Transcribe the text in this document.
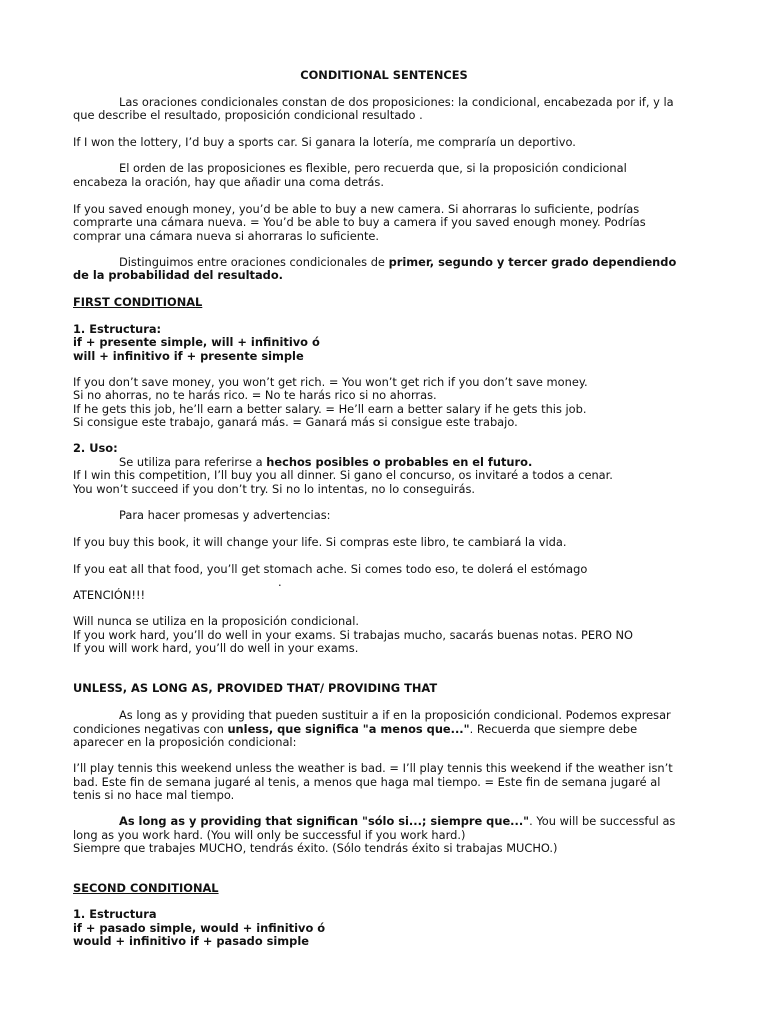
CONDITIONAL SENTENCES
Las oraciones condicionales constan de dos proposiciones: la condicional, encabezada por if, y la
que describe el resultado, proposición condicional resultado .
If I won the lottery, I’d buy a sports car. Si ganara la lotería, me compraría un deportivo.
El orden de las proposiciones es flexible, pero recuerda que, si la proposición condicional
encabeza la oración, hay que añadir una coma detrás.
If you saved enough money, you’d be able to buy a new camera. Si ahorraras lo suficiente, podrías
comprarte una cámara nueva. = You’d be able to buy a camera if you saved enough money. Podrías
comprar una cámara nueva si ahorraras lo suficiente.
Distinguimos entre oraciones condicionales de primer, segundo y tercer grado dependiendo
de la probabilidad del resultado.
FIRST CONDITIONAL
1. Estructura:
if + presente simple, will + infinitivo ó
will + infinitivo if + presente simple
If you don’t save money, you won’t get rich. = You won’t get rich if you don’t save money.
Si no ahorras, no te harás rico. = No te harás rico si no ahorras.
If he gets this job, he’ll earn a better salary. = He’ll earn a better salary if he gets this job.
Si consigue este trabajo, ganará más. = Ganará más si consigue este trabajo.
2. Uso:
Se utiliza para referirse a hechos posibles o probables en el futuro.
If I win this competition, I’ll buy you all dinner. Si gano el concurso, os invitaré a todos a cenar.
You won’t succeed if you don’t try. Si no lo intentas, no lo conseguirás.
Para hacer promesas y advertencias:
If you buy this book, it will change your life. Si compras este libro, te cambiará la vida.
If you eat all that food, you’ll get stomach ache. Si comes todo eso, te dolerá el estómago
.
ATENCIÓN!!!
Will nunca se utiliza en la proposición condicional.
If you work hard, you’ll do well in your exams. Si trabajas mucho, sacarás buenas notas. PERO NO
If you will work hard, you’ll do well in your exams.
UNLESS, AS LONG AS, PROVIDED THAT/ PROVIDING THAT
As long as y providing that pueden sustituir a if en la proposición condicional. Podemos expresar
condiciones negativas con unless, que significa "a menos que...". Recuerda que siempre debe
aparecer en la proposición condicional:
I’ll play tennis this weekend unless the weather is bad. = I’ll play tennis this weekend if the weather isn’t
bad. Este fin de semana jugaré al tenis, a menos que haga mal tiempo. = Este fin de semana jugaré al
tenis si no hace mal tiempo.
As long as y providing that significan "sólo si...; siempre que...". You will be successful as
long as you work hard. (You will only be successful if you work hard.)
Siempre que trabajes MUCHO, tendrás éxito. (Sólo tendrás éxito si trabajas MUCHO.)
SECOND CONDITIONAL
1. Estructura
if + pasado simple, would + infinitivo ó
would + infinitivo if + pasado simple
